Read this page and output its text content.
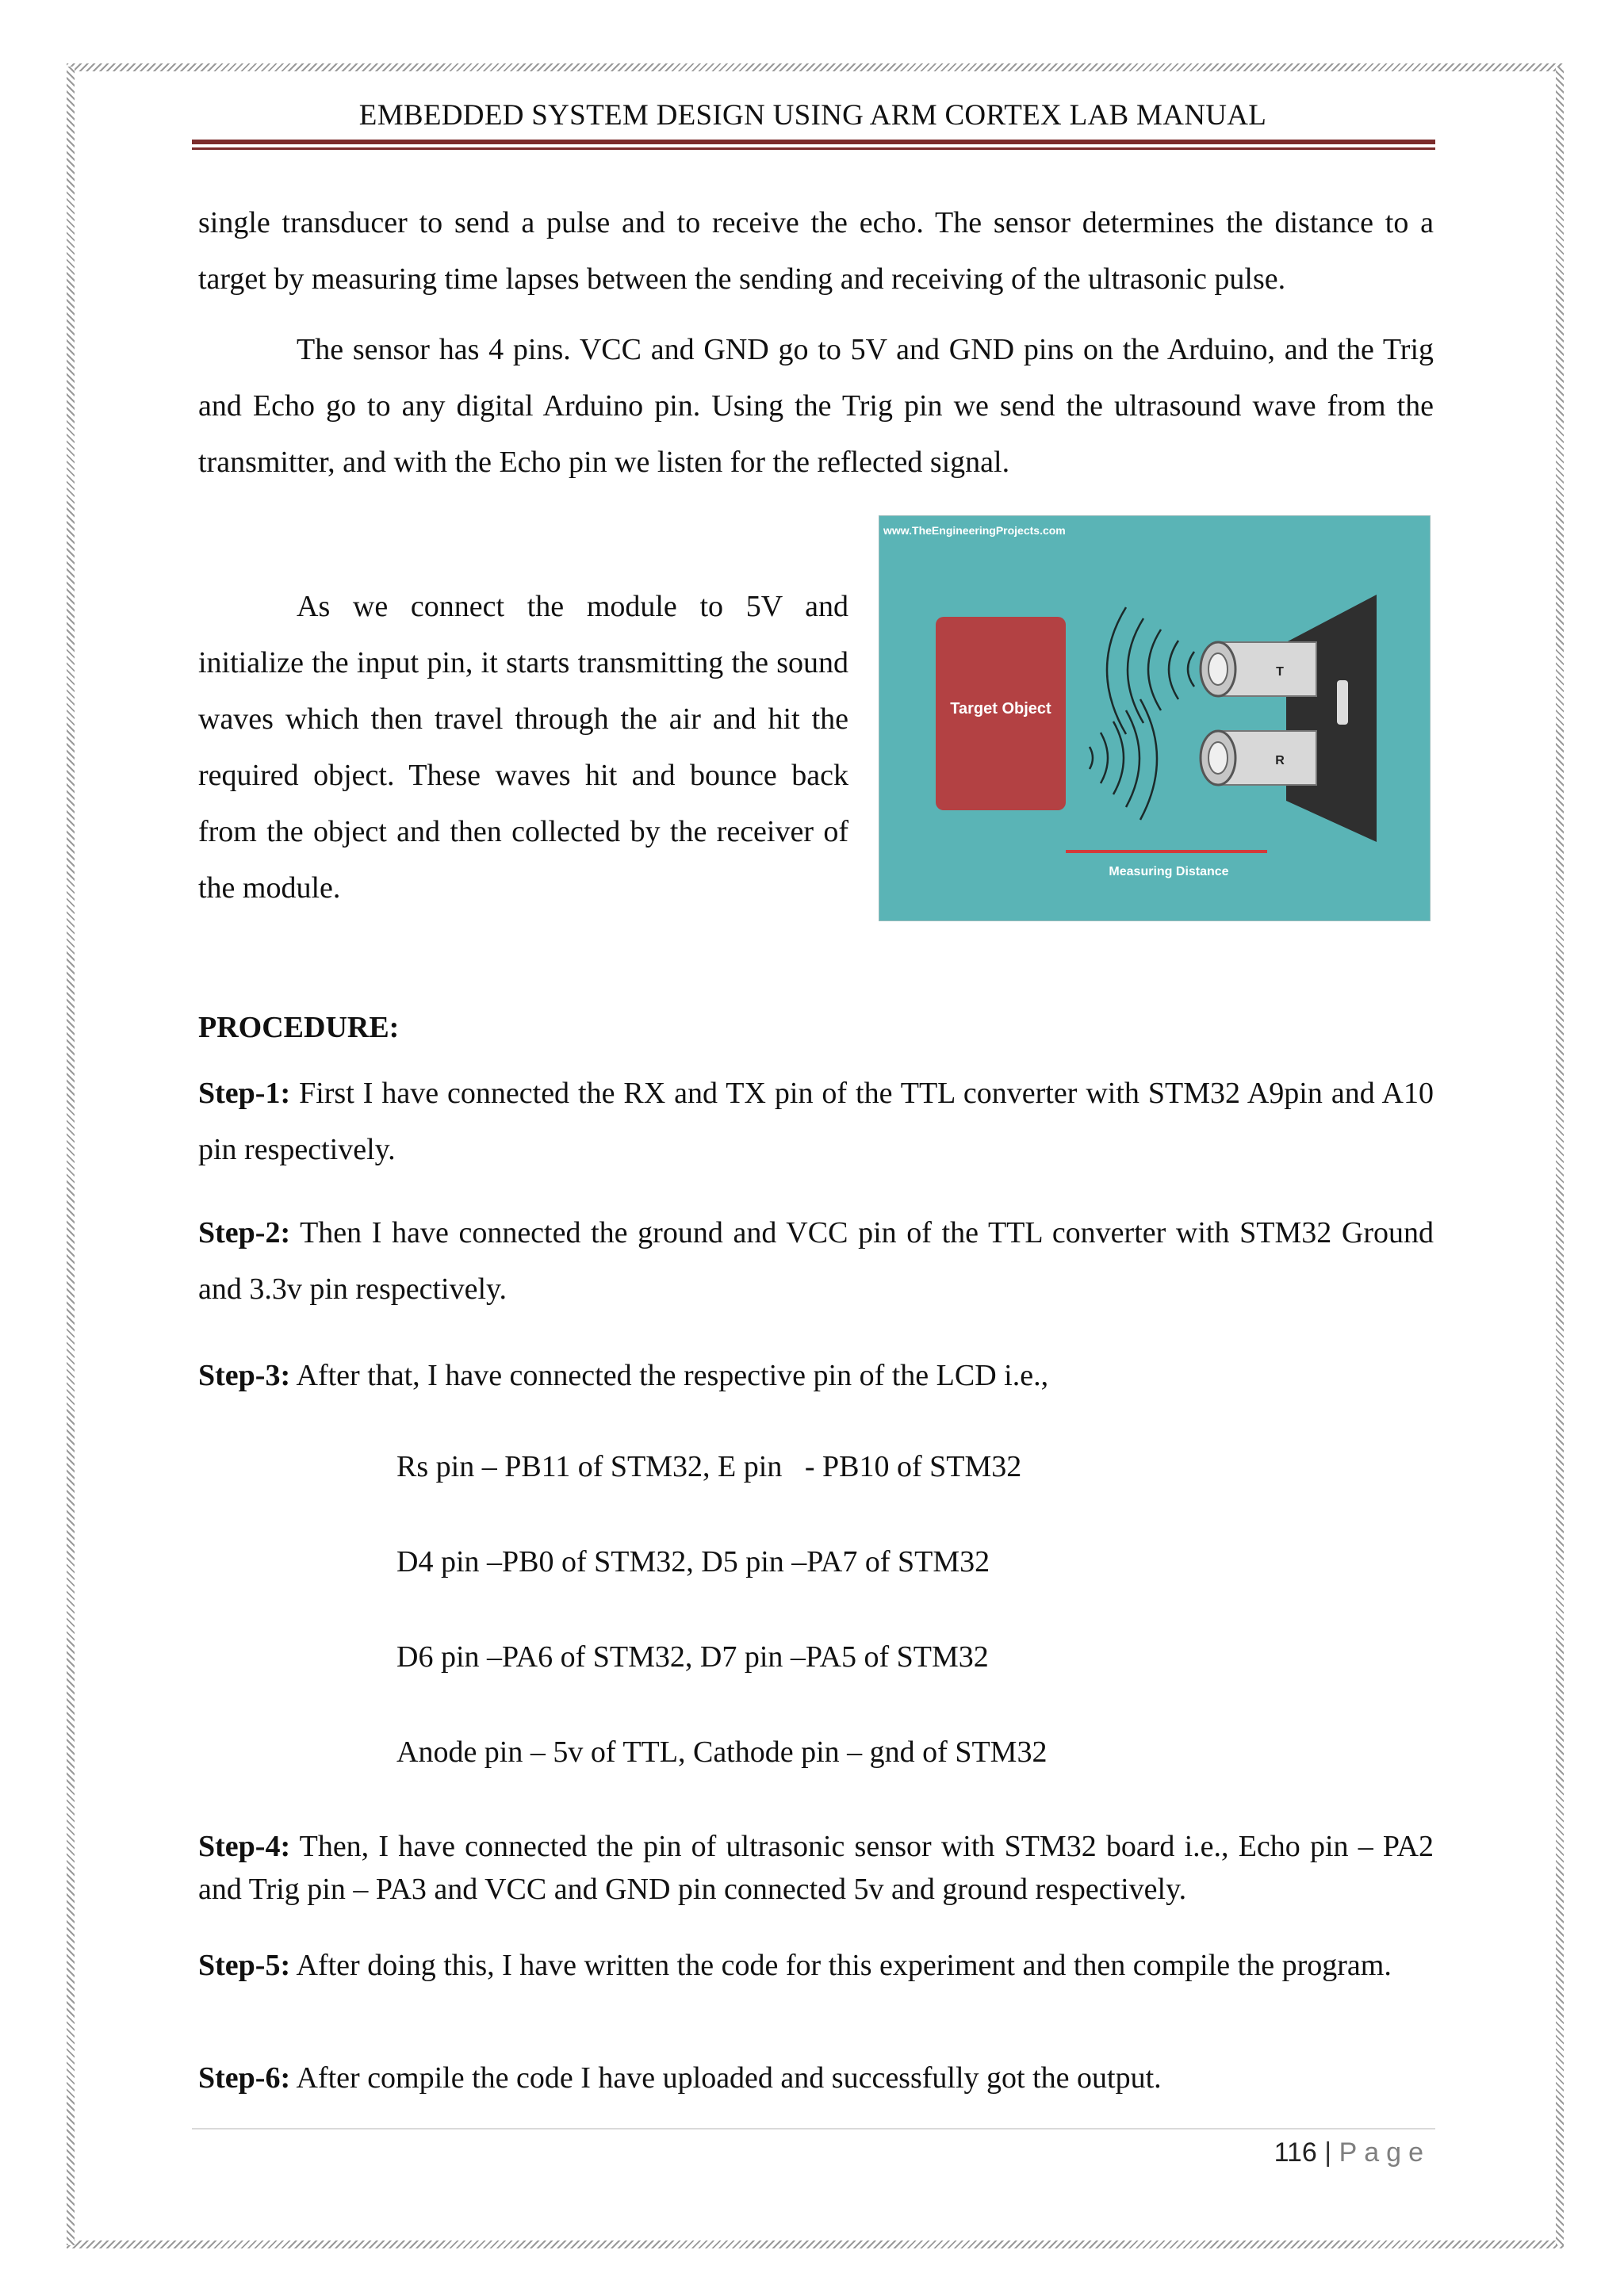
EMBEDDED SYSTEM DESIGN USING ARM CORTEX LAB MANUAL

single transducer to send a pulse and to receive the echo. The sensor determines the distance to a target by measuring time lapses between the sending and receiving of the ultrasonic pulse.

The sensor has 4 pins. VCC and GND go to 5V and GND pins on the Arduino, and the Trig and Echo go to any digital Arduino pin. Using the Trig pin we send the ultrasound wave from the transmitter, and with the Echo pin we listen for the reflected signal.

As we connect the module to 5V and initialize the input pin, it starts transmitting the sound waves which then travel through the air and hit the required object. These waves hit and bounce back from the object and then collected by the receiver of the module.

www.TheEngineeringProjects.com
Target Object
T
R
Measuring Distance

PROCEDURE:

Step-1: First I have connected the RX and TX pin of the TTL converter with STM32 A9pin and A10 pin respectively.

Step-2: Then I have connected the ground and VCC pin of the TTL converter with STM32 Ground and 3.3v pin respectively.

Step-3: After that, I have connected the respective pin of the LCD i.e.,

Rs pin – PB11 of STM32, E pin   - PB10 of STM32

D4 pin –PB0 of STM32, D5 pin –PA7 of STM32

D6 pin –PA6 of STM32, D7 pin –PA5 of STM32

Anode pin – 5v of TTL, Cathode pin – gnd of STM32

Step-4: Then, I have connected the pin of ultrasonic sensor with STM32 board i.e., Echo pin – PA2 and Trig pin – PA3 and VCC and GND pin connected 5v and ground respectively.

Step-5: After doing this, I have written the code for this experiment and then compile the program.

Step-6: After compile the code I have uploaded and successfully got the output.

116 | Page
